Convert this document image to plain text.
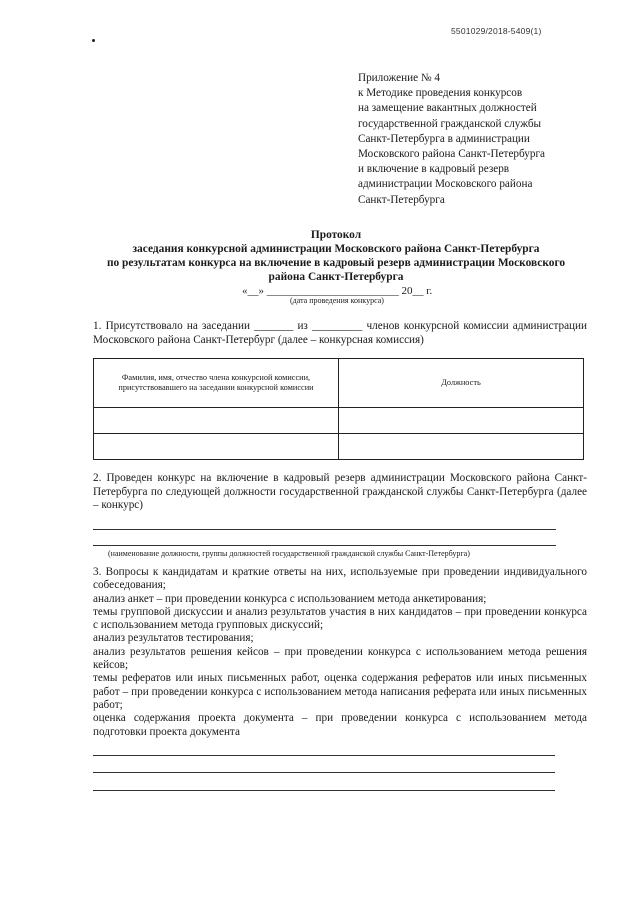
5501029/2018-5409(1)
Приложение № 4
к Методике проведения конкурсов
на замещение вакантных должностей
государственной гражданской службы
Санкт-Петербурга в администрации
Московского района Санкт-Петербурга
и включение в кадровый резерв
администрации Московского района
Санкт-Петербурга
Протокол
заседания конкурсной администрации Московского района Санкт-Петербурга
по результатам конкурса на включение в кадровый резерв администрации Московского
района Санкт-Петербурга
«__» ________________________ 20__ г.
(дата проведения конкурса)
1. Присутствовало на заседании _______ из _________ членов конкурсной комиссии администрации Московского района Санкт-Петербург (далее – конкурсная комиссия)
Фамилия, имя, отчество члена конкурсной комиссии, присутствовавшего на заседании конкурсной комиссии	Должность

2. Проведен конкурс на включение в кадровый резерв администрации Московского района Санкт-Петербурга по следующей должности государственной гражданской службы Санкт-Петербурга (далее – конкурс)
(наименование должности, группы должностей государственной гражданской службы Санкт-Петербурга)
3. Вопросы к кандидатам и краткие ответы на них, используемые при проведении индивидуального собеседования;
анализ анкет – при проведении конкурса с использованием метода анкетирования;
темы групповой дискуссии и анализ результатов участия в них кандидатов – при проведении конкурса с использованием метода групповых дискуссий;
анализ результатов тестирования;
анализ результатов решения кейсов – при проведении конкурса с использованием метода решения кейсов;
темы рефератов или иных письменных работ, оценка содержания рефератов или иных письменных работ – при проведении конкурса с использованием метода написания реферата или иных письменных работ;
оценка содержания проекта документа – при проведении конкурса с использованием метода подготовки проекта документа
